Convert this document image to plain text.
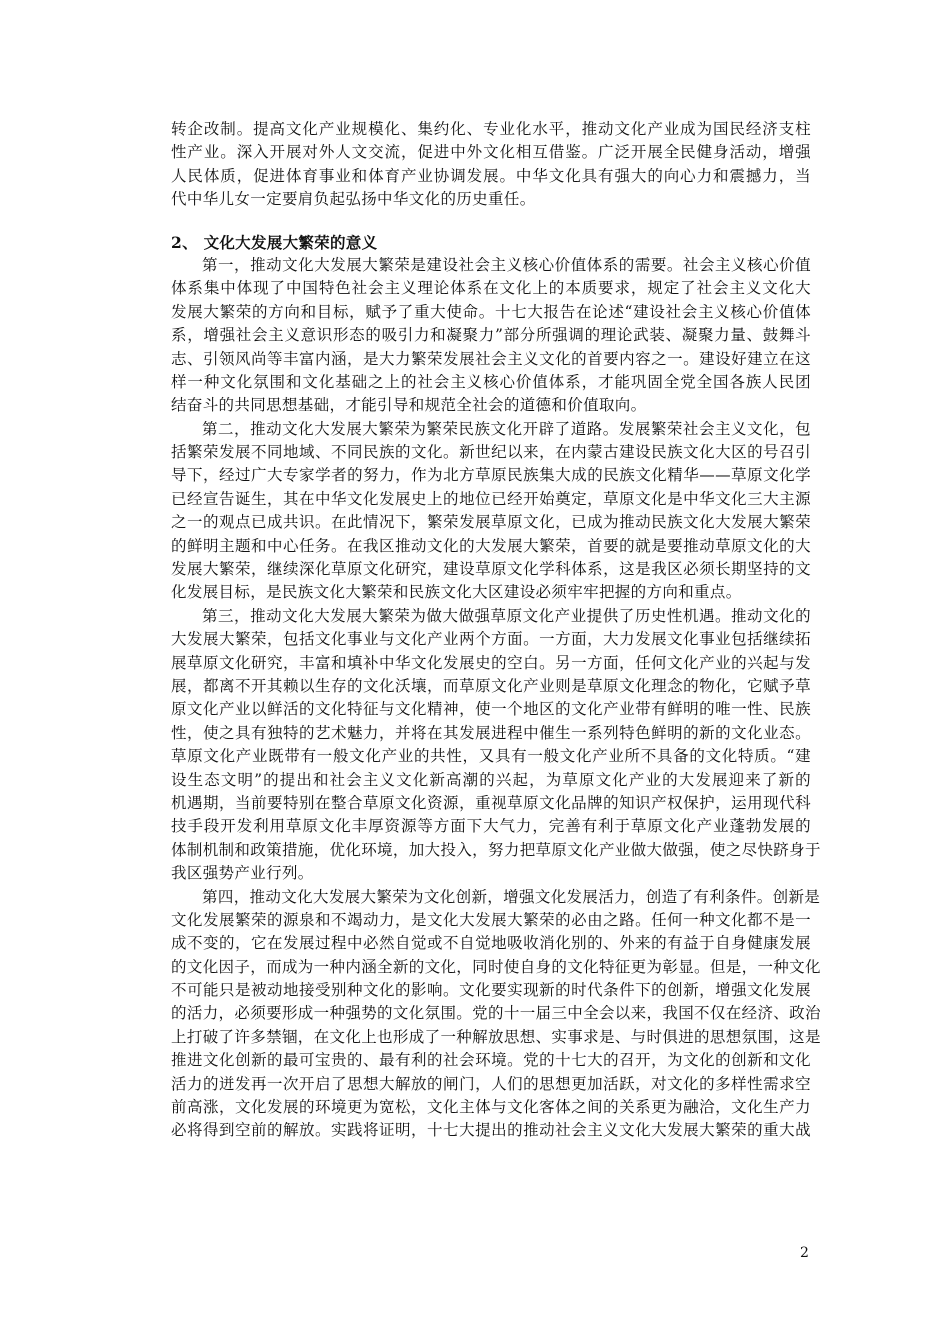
转企改制。提高文化产业规模化、集约化、专业化水平，推动文化产业成为国民经济支柱
性产业。深入开展对外人文交流，促进中外文化相互借鉴。广泛开展全民健身活动，增强
人民体质，促进体育事业和体育产业协调发展。中华文化具有强大的向心力和震撼力，当
代中华儿女一定要肩负起弘扬中华文化的历史重任。

2、 文化大发展大繁荣的意义

第一，推动文化大发展大繁荣是建设社会主义核心价值体系的需要。社会主义核心价值
体系集中体现了中国特色社会主义理论体系在文化上的本质要求，规定了社会主义文化大
发展大繁荣的方向和目标，赋予了重大使命。十七大报告在论述“建设社会主义核心价值体
系，增强社会主义意识形态的吸引力和凝聚力”部分所强调的理论武装、凝聚力量、鼓舞斗
志、引领风尚等丰富内涵，是大力繁荣发展社会主义文化的首要内容之一。建设好建立在这
样一种文化氛围和文化基础之上的社会主义核心价值体系，才能巩固全党全国各族人民团
结奋斗的共同思想基础，才能引导和规范全社会的道德和价值取向。

第二，推动文化大发展大繁荣为繁荣民族文化开辟了道路。发展繁荣社会主义文化，包
括繁荣发展不同地域、不同民族的文化。新世纪以来，在内蒙古建设民族文化大区的号召引
导下，经过广大专家学者的努力，作为北方草原民族集大成的民族文化精华——草原文化学
已经宣告诞生，其在中华文化发展史上的地位已经开始奠定，草原文化是中华文化三大主源
之一的观点已成共识。在此情况下，繁荣发展草原文化，已成为推动民族文化大发展大繁荣
的鲜明主题和中心任务。在我区推动文化的大发展大繁荣，首要的就是要推动草原文化的大
发展大繁荣，继续深化草原文化研究，建设草原文化学科体系，这是我区必须长期坚持的文
化发展目标，是民族文化大繁荣和民族文化大区建设必须牢牢把握的方向和重点。

第三，推动文化大发展大繁荣为做大做强草原文化产业提供了历史性机遇。推动文化的
大发展大繁荣，包括文化事业与文化产业两个方面。一方面，大力发展文化事业包括继续拓
展草原文化研究，丰富和填补中华文化发展史的空白。另一方面，任何文化产业的兴起与发
展，都离不开其赖以生存的文化沃壤，而草原文化产业则是草原文化理念的物化，它赋予草
原文化产业以鲜活的文化特征与文化精神，使一个地区的文化产业带有鲜明的唯一性、民族
性，使之具有独特的艺术魅力，并将在其发展进程中催生一系列特色鲜明的新的文化业态。
草原文化产业既带有一般文化产业的共性，又具有一般文化产业所不具备的文化特质。“建
设生态文明”的提出和社会主义文化新高潮的兴起，为草原文化产业的大发展迎来了新的
机遇期，当前要特别在整合草原文化资源，重视草原文化品牌的知识产权保护，运用现代科
技手段开发利用草原文化丰厚资源等方面下大气力，完善有利于草原文化产业蓬勃发展的
体制机制和政策措施，优化环境，加大投入，努力把草原文化产业做大做强，使之尽快跻身于
我区强势产业行列。

第四，推动文化大发展大繁荣为文化创新，增强文化发展活力，创造了有利条件。创新是
文化发展繁荣的源泉和不竭动力，是文化大发展大繁荣的必由之路。任何一种文化都不是一
成不变的，它在发展过程中必然自觉或不自觉地吸收消化别的、外来的有益于自身健康发展
的文化因子，而成为一种内涵全新的文化，同时使自身的文化特征更为彰显。但是，一种文化
不可能只是被动地接受别种文化的影响。文化要实现新的时代条件下的创新，增强文化发展
的活力，必须要形成一种强势的文化氛围。党的十一届三中全会以来，我国不仅在经济、政治
上打破了许多禁锢，在文化上也形成了一种解放思想、实事求是、与时俱进的思想氛围，这是
推进文化创新的最可宝贵的、最有利的社会环境。党的十七大的召开，为文化的创新和文化
活力的迸发再一次开启了思想大解放的闸门，人们的思想更加活跃，对文化的多样性需求空
前高涨，文化发展的环境更为宽松，文化主体与文化客体之间的关系更为融洽，文化生产力
必将得到空前的解放。实践将证明，十七大提出的推动社会主义文化大发展大繁荣的重大战

2
